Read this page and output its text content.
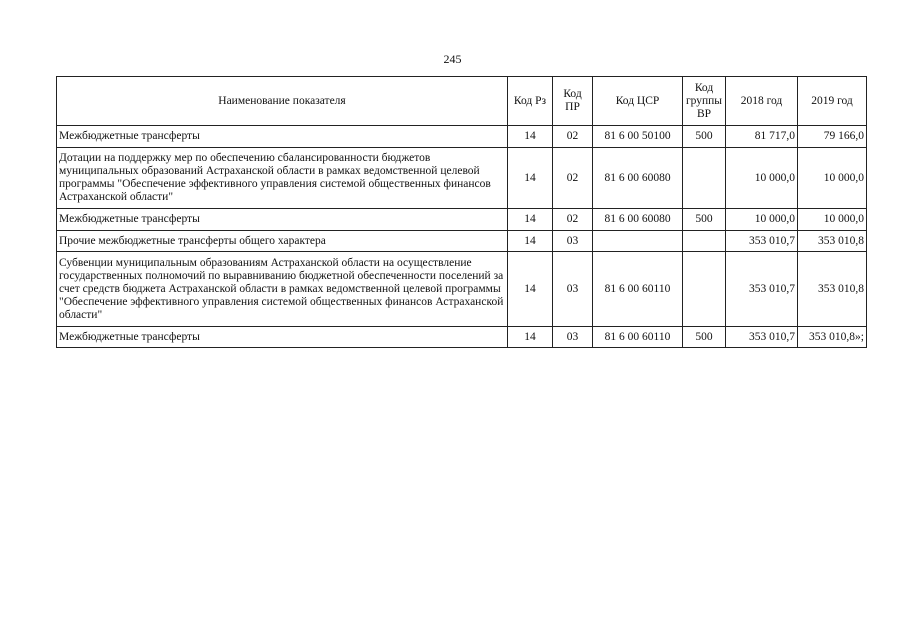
245
Наименование показателя	Код Рз	Код ПР	Код ЦСР	Код группы ВР	2018 год	2019 год
Межбюджетные трансферты	14	02	81 6 00 50100	500	81 717,0	79 166,0
Дотации на поддержку мер по обеспечению сбалансированности бюджетов муниципальных образований Астраханской области в рамках ведомственной целевой программы "Обеспечение эффективного управления системой общественных финансов Астраханской области"	14	02	81 6 00 60080		10 000,0	10 000,0
Межбюджетные трансферты	14	02	81 6 00 60080	500	10 000,0	10 000,0
Прочие межбюджетные трансферты общего характера	14	03			353 010,7	353 010,8
Субвенции муниципальным образованиям Астраханской области на осуществление государственных полномочий по выравниванию бюджетной обеспеченности поселений за счет средств бюджета Астраханской области в рамках ведомственной целевой программы "Обеспечение эффективного управления системой общественных финансов Астраханской области"	14	03	81 6 00 60110		353 010,7	353 010,8
Межбюджетные трансферты	14	03	81 6 00 60110	500	353 010,7	353 010,8»;
